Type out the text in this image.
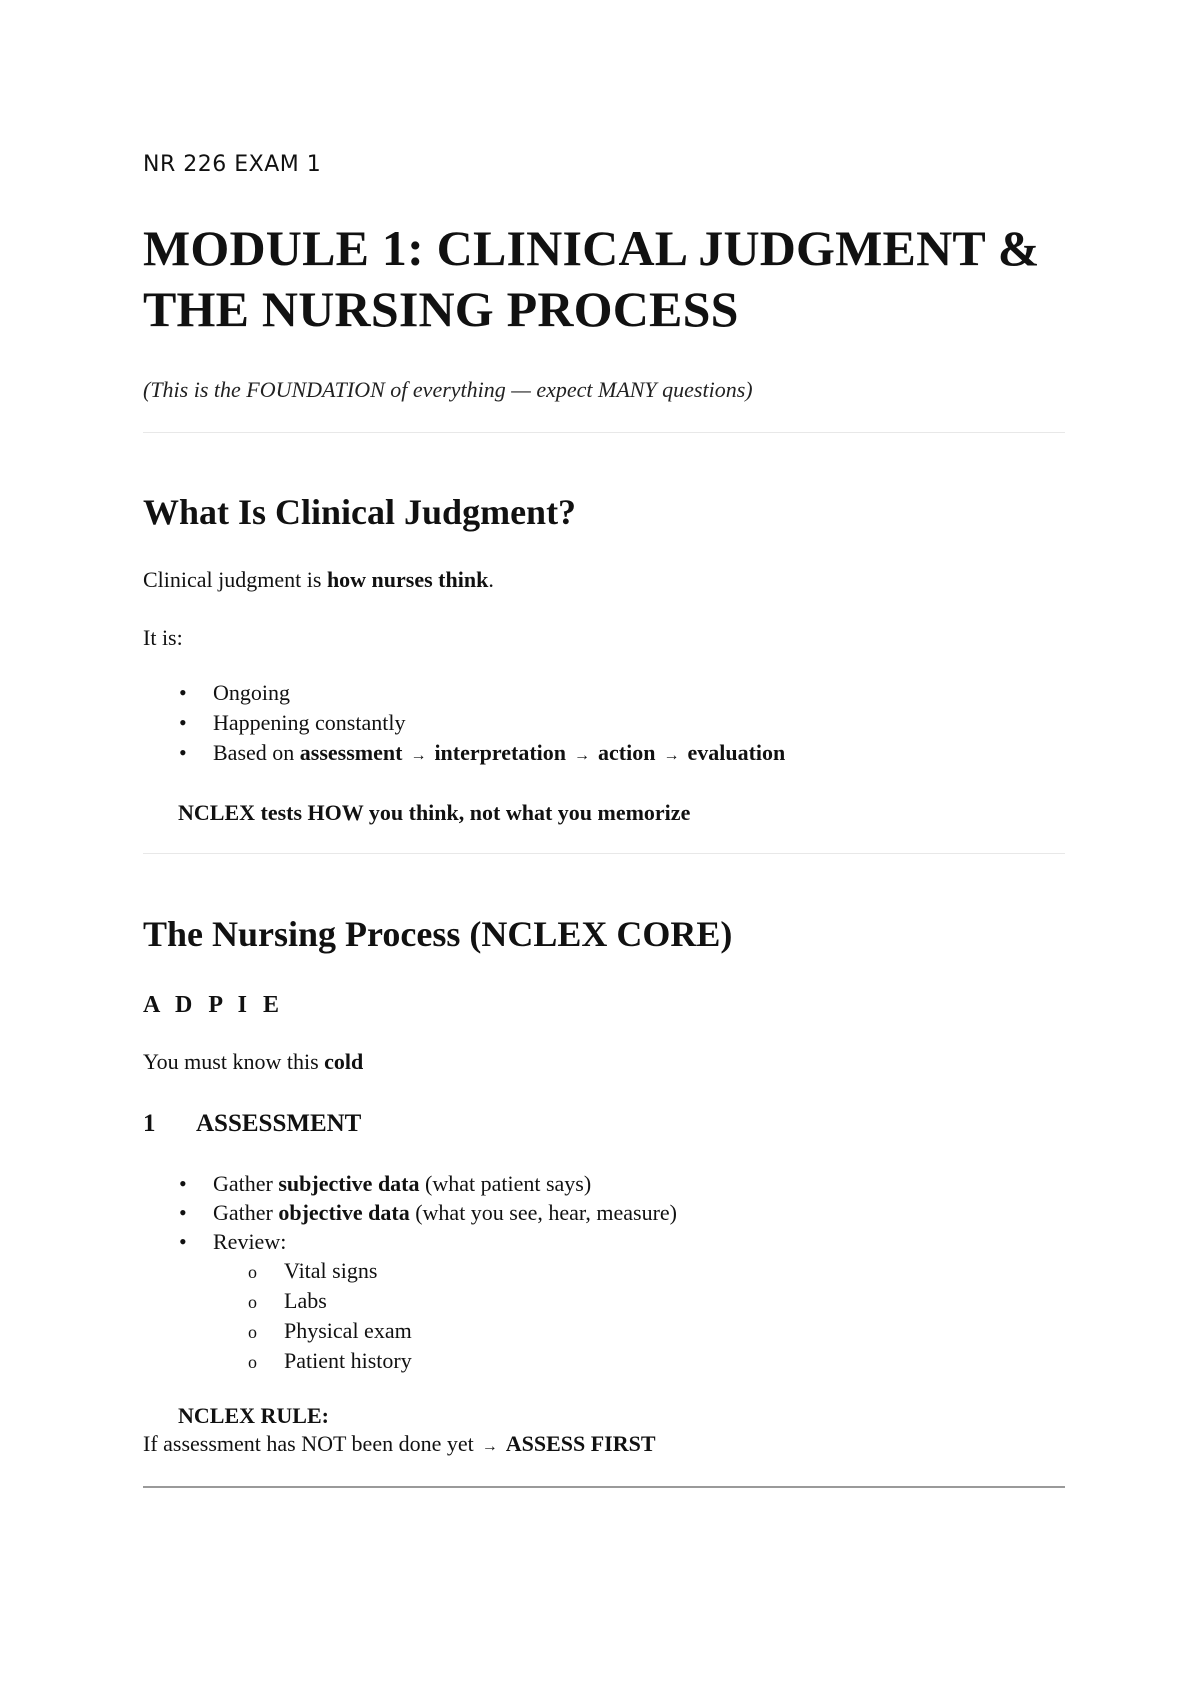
NR 226 EXAM 1

MODULE 1: CLINICAL JUDGMENT &
THE NURSING PROCESS

(This is the FOUNDATION of everything — expect MANY questions)

What Is Clinical Judgment?

Clinical judgment is how nurses think.

It is:

• Ongoing
• Happening constantly
• Based on assessment → interpretation → action → evaluation

NCLEX tests HOW you think, not what you memorize

The Nursing Process (NCLEX CORE)

A D P I E

You must know this cold

1	ASSESSMENT
• Gather subjective data (what patient says)
• Gather objective data (what you see, hear, measure)
• Review:
o Vital signs
o Labs
o Physical exam
o Patient history

NCLEX RULE:

If assessment has NOT been done yet → ASSESS FIRST
